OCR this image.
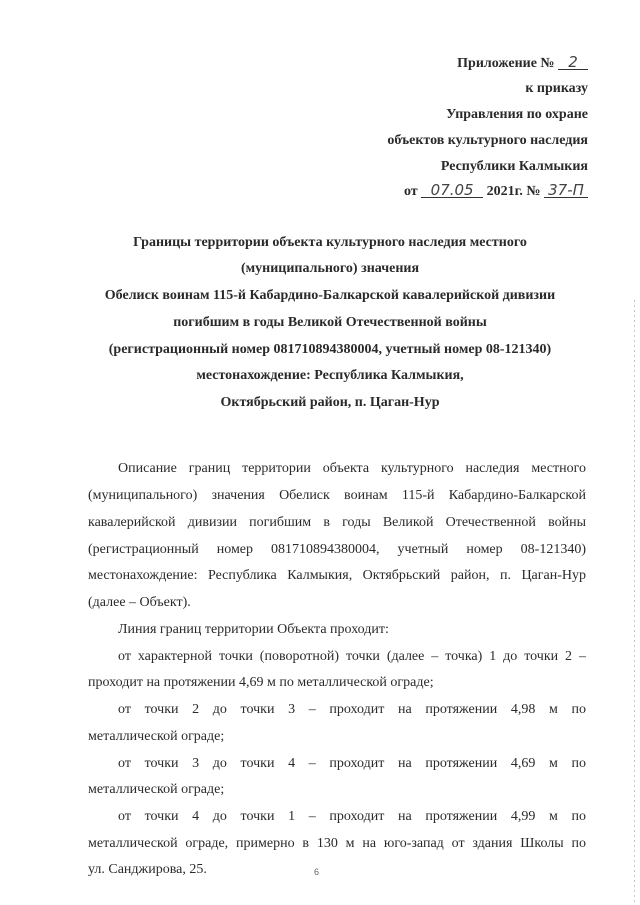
Приложение № 2
к приказу
Управления по охране
объектов культурного наследия
Республики Калмыкия
от 07.05 2021г. № 37-П
Границы территории объекта культурного наследия местного
(муниципального) значения
Обелиск воинам 115-й Кабардино-Балкарской кавалерийской дивизии
погибшим в годы Великой Отечественной войны
(регистрационный номер 081710894380004, учетный номер 08-121340)
местонахождение: Республика Калмыкия,
Октябрьский район, п. Цаган-Нур
Описание границ территории объекта культурного наследия местного
(муниципального) значения Обелиск воинам 115-й Кабардино-Балкарской
кавалерийской дивизии погибшим в годы Великой Отечественной войны
(регистрационный номер 081710894380004, учетный номер 08-121340)
местонахождение: Республика Калмыкия, Октябрьский район, п. Цаган-Нур
(далее – Объект).
Линия границ территории Объекта проходит:
от характерной точки (поворотной) точки (далее – точка) 1 до точки 2 –
проходит на протяжении 4,69 м по металлической ограде;
от точки 2 до точки 3 – проходит на протяжении 4,98 м по
металлической ограде;
от точки 3 до точки 4 – проходит на протяжении 4,69 м по
металлической ограде;
от точки 4 до точки 1 – проходит на протяжении 4,99 м по
металлической ограде, примерно в 130 м на юго-запад от здания Школы по
ул. Санджирова, 25.	6
